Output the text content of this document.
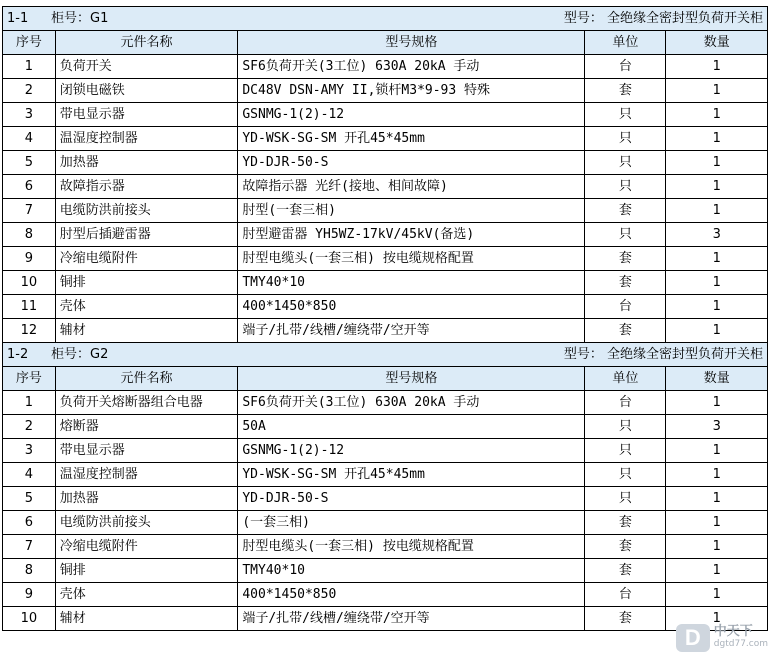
1-1 柜号：G1 型号： 全绝缘全密封型负荷开关柜				

序号	元件名称	型号规格	单位	数量
1	负荷开关	SF6负荷开关(3工位) 630A 20kA 手动	台	1
2	闭锁电磁铁	DC48V DSN-AMY II,锁杆M3*9-93 特殊	套	1
3	带电显示器	GSNMG-1(2)-12	只	1
4	温湿度控制器	YD-WSK-SG-SM 开孔45*45mm	只	1
5	加热器	YD-DJR-50-S	只	1
6	故障指示器	故障指示器 光纤(接地、相间故障)	只	1
7	电缆防洪前接头	肘型(一套三相)	套	1
8	肘型后插避雷器	肘型避雷器 YH5WZ-17kV/45kV(备选)	只	3
9	冷缩电缆附件	肘型电缆头(一套三相) 按电缆规格配置	套	1
10	铜排	TMY40*10	套	1
11	壳体	400*1450*850	台	1
12	辅材	端子/扎带/线槽/缠绕带/空开等	套	1
1-2 柜号：G2 型号： 全绝缘全密封型负荷开关柜				

序号	元件名称	型号规格	单位	数量
1	负荷开关熔断器组合电器	SF6负荷开关(3工位) 630A 20kA 手动	台	1
2	熔断器	50A	只	3
3	带电显示器	GSNMG-1(2)-12	只	1
4	温湿度控制器	YD-WSK-SG-SM 开孔45*45mm	只	1
5	加热器	YD-DJR-50-S	只	1
6	电缆防洪前接头	(一套三相)	套	1
7	冷缩电缆附件	肘型电缆头(一套三相) 按电缆规格配置	套	1
8	铜排	TMY40*10	套	1
9	壳体	400*1450*850	台	1
10	辅材	端子/扎带/线槽/缠绕带/空开等	套	1
D	中天下
dgtd77.com
